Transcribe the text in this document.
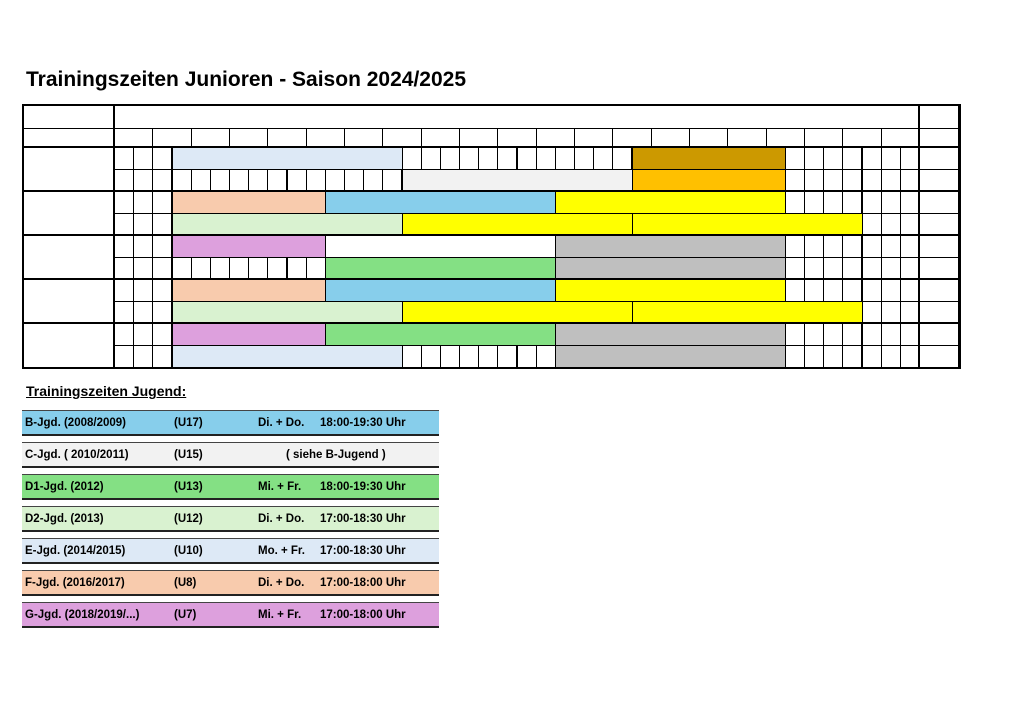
Trainingszeiten Junioren - Saison 2024/2025
Trainingszeiten Jugend:
B-Jgd. (2008/2009)	(U17)	Di. + Do. 18:00-19:30 Uhr
C-Jgd. ( 2010/2011)	(U15)	( siehe B-Jugend )
D1-Jgd. (2012)	(U13)	Mi. + Fr. 18:00-19:30 Uhr
D2-Jgd. (2013)	(U12)	Di. + Do. 17:00-18:30 Uhr
E-Jgd. (2014/2015)	(U10)	Mo. + Fr. 17:00-18:30 Uhr
F-Jgd. (2016/2017)	(U8)	Di. + Do. 17:00-18:00 Uhr
G-Jgd. (2018/2019/...)	(U7)	Mi. + Fr. 17:00-18:00 Uhr
